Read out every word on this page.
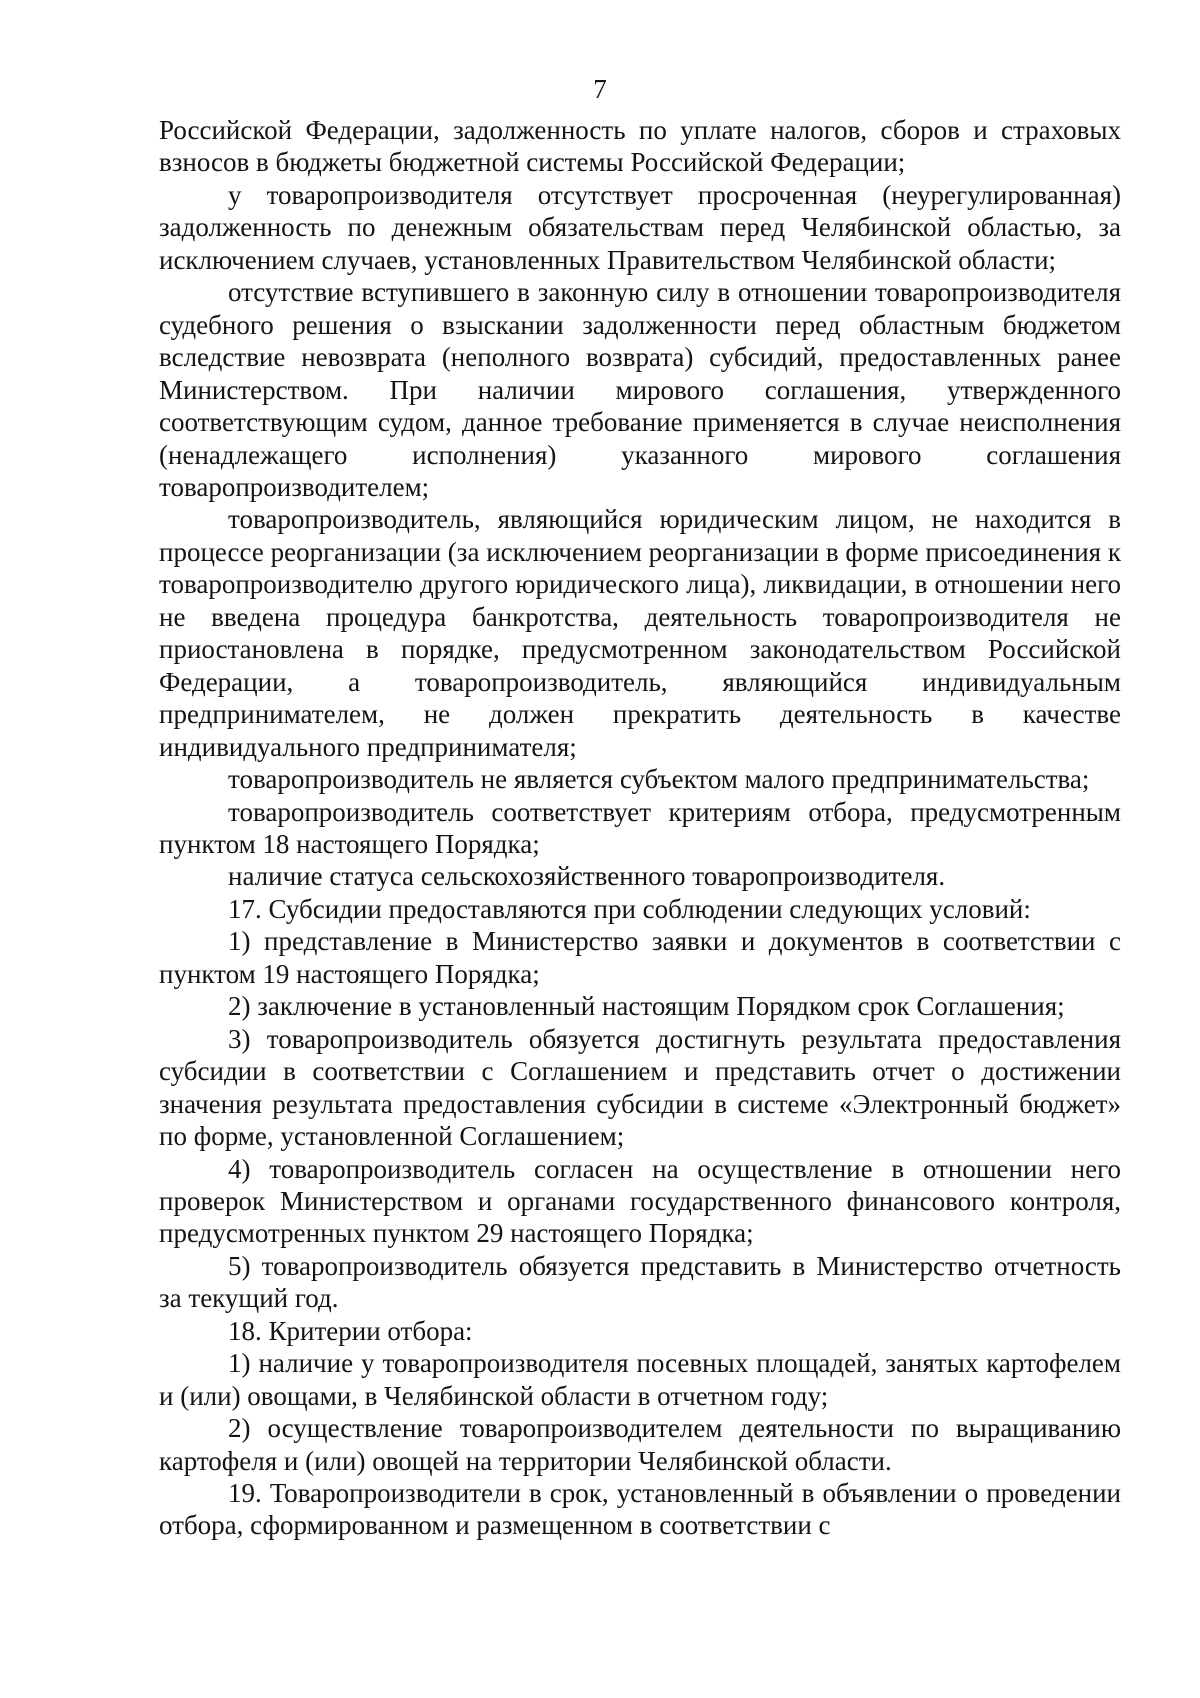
7

Российской Федерации, задолженность по уплате налогов, сборов и страховых взносов в бюджеты бюджетной системы Российской Федерации;

у товаропроизводителя отсутствует просроченная (неурегулированная) задолженность по денежным обязательствам перед Челябинской областью, за исключением случаев, установленных Правительством Челябинской области;

отсутствие вступившего в законную силу в отношении товаропроизводителя судебного решения о взыскании задолженности перед областным бюджетом вследствие невозврата (неполного возврата) субсидий, предоставленных ранее Министерством. При наличии мирового соглашения, утвержденного соответствующим судом, данное требование применяется в случае неисполнения (ненадлежащего исполнения) указанного мирового соглашения товаропроизводителем;

товаропроизводитель, являющийся юридическим лицом, не находится в процессе реорганизации (за исключением реорганизации в форме присоединения к товаропроизводителю другого юридического лица), ликвидации, в отношении него не введена процедура банкротства, деятельность товаропроизводителя не приостановлена в порядке, предусмотренном законодательством Российской Федерации, а товаропроизводитель, являющийся индивидуальным предпринимателем, не должен прекратить деятельность в качестве индивидуального предпринимателя;

товаропроизводитель не является субъектом малого предпринимательства;

товаропроизводитель соответствует критериям отбора, предусмотренным пунктом 18 настоящего Порядка;

наличие статуса сельскохозяйственного товаропроизводителя.

17. Субсидии предоставляются при соблюдении следующих условий:

1) представление в Министерство заявки и документов в соответствии с пунктом 19 настоящего Порядка;

2) заключение в установленный настоящим Порядком срок Соглашения;

3) товаропроизводитель обязуется достигнуть результата предоставления субсидии в соответствии с Соглашением и представить отчет о достижении значения результата предоставления субсидии в системе «Электронный бюджет» по форме, установленной Соглашением;

4) товаропроизводитель согласен на осуществление в отношении него проверок Министерством и органами государственного финансового контроля, предусмотренных пунктом 29 настоящего Порядка;

5) товаропроизводитель обязуется представить в Министерство отчетность за текущий год.

18. Критерии отбора:

1) наличие у товаропроизводителя посевных площадей, занятых картофелем и (или) овощами, в Челябинской области в отчетном году;

2) осуществление товаропроизводителем деятельности по выращиванию картофеля и (или) овощей на территории Челябинской области.

19. Товаропроизводители в срок, установленный в объявлении о проведении отбора, сформированном и размещенном в соответствии с
